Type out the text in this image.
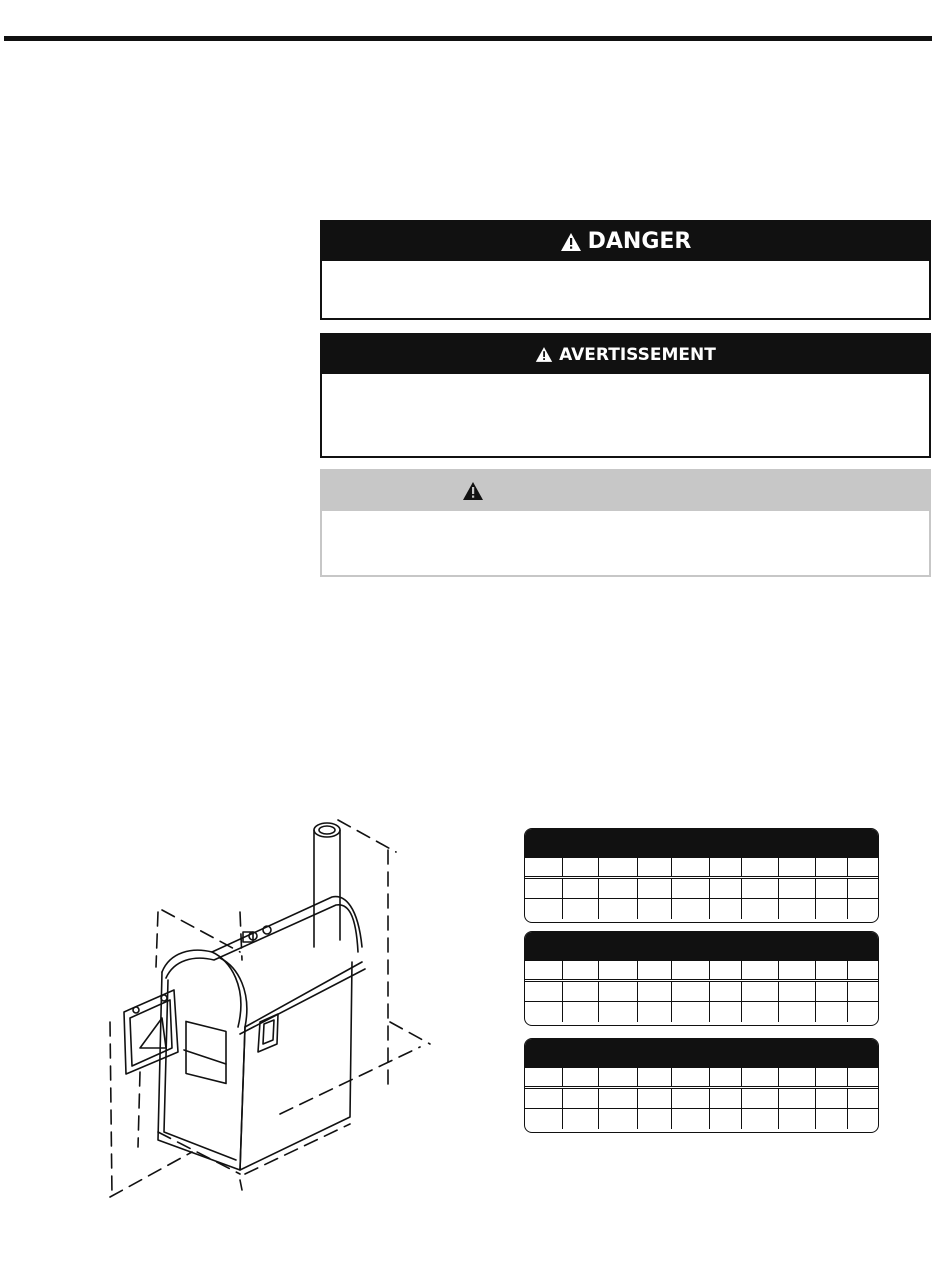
DANGER
AVERTISSEMENT
